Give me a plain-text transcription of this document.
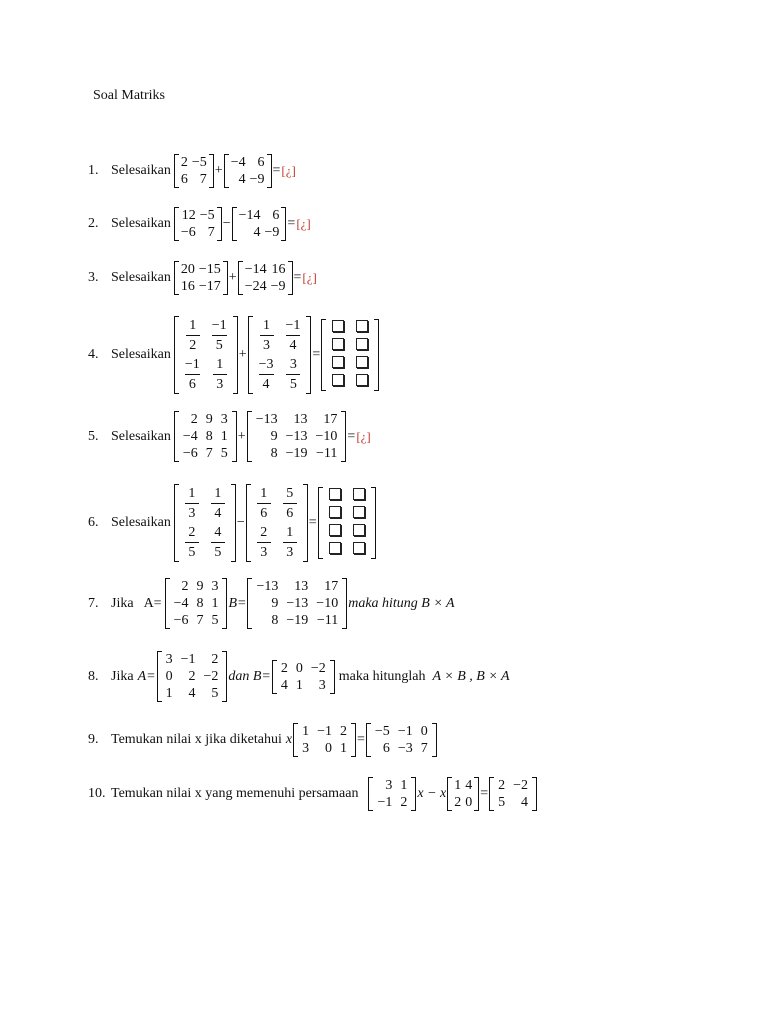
Soal Matriks
1. Selesaikan
2	−5
6	7
+
−4	6
4	−9
= [¿]
2. Selesaikan
12	−5
−6	7
−
−14	6
4	−9
= [¿]
3. Selesaikan
20	−15
16	−17
+
−14	16
−24	−9
= [¿]
4. Selesaikan
$\frac{1}{2}$	$\frac{-1}{5}$

$\frac{-1}{6}$	$\frac{1}{3}$
+
$\frac{1}{3}$	$\frac{-1}{4}$

$\frac{-3}{4}$	$\frac{3}{5}$
=

5. Selesaikan
2	9	3
−4	8	1
−6	7	5
+
−13	13	17
9	−13	−10
8	−19	−11
= [¿]
6. Selesaikan
$\frac{1}{3}$	$\frac{1}{4}$

$\frac{2}{5}$	$\frac{4}{5}$
−
$\frac{1}{6}$	$\frac{5}{6}$

$\frac{2}{3}$	$\frac{1}{3}$
=

7. Jika A=
2	9	3
−4	8	1
−6	7	5
B=
−13	13	17
9	−13	−10
8	−19	−11
maka hitung B × A
8. Jika A=
3	−1	2
0	2	−2
1	4	5
dan B=
2	0	−2
4	1	3
maka hitunglah A × B , B × A
9. Temukan nilai x jika diketahui x
1	−1	2
3	0	1
=
−5	−1	0
6	−3	7
10. Temukan nilai x yang memenuhi persamaan
3	1
−1	2
x − x
1	4
2	0
=
2	−2
5	4
